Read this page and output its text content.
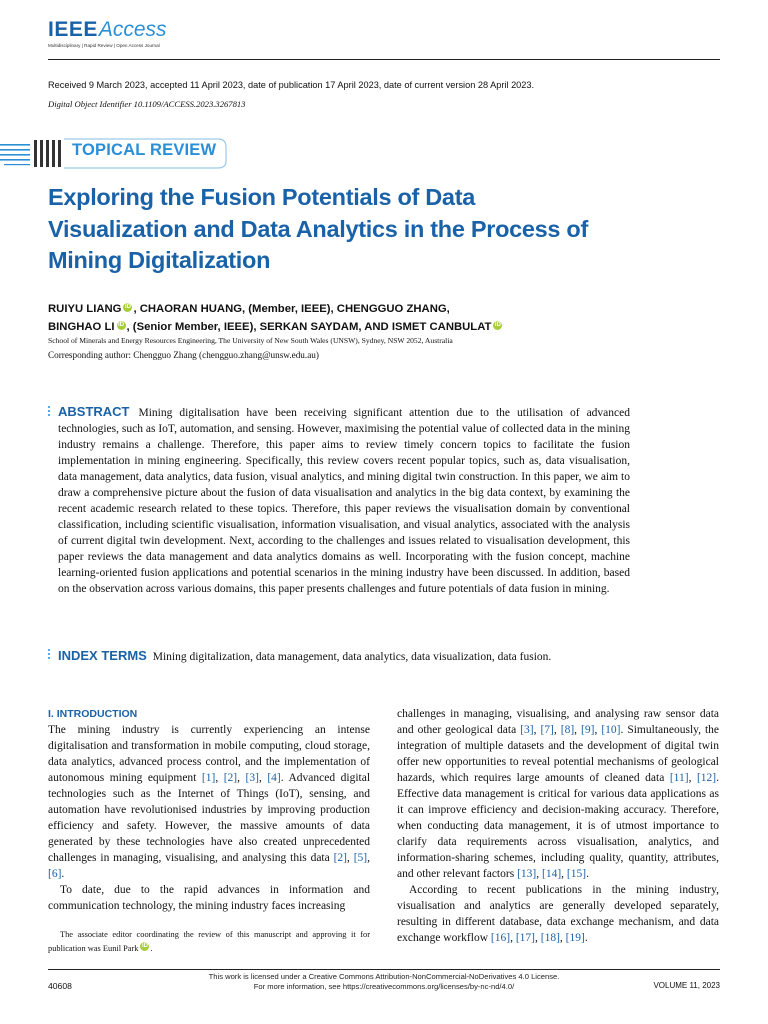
IEEEAccess
Multidisciplinary | Rapid Review | Open Access Journal
Received 9 March 2023, accepted 11 April 2023, date of publication 17 April 2023, date of current version 28 April 2023.
Digital Object Identifier 10.1109/ACCESS.2023.3267813
TOPICAL REVIEW
Exploring the Fusion Potentials of Data Visualization and Data Analytics in the Process of Mining Digitalization
RUIYU LIANG iD , CHAORAN HUANG, (Member, IEEE), CHENGGUO ZHANG,
BINGHAO LI iD , (Senior Member, IEEE), SERKAN SAYDAM, AND ISMET CANBULAT iD
School of Minerals and Energy Resources Engineering, The University of New South Wales (UNSW), Sydney, NSW 2052, Australia
Corresponding author: Chengguo Zhang (chengguo.zhang@unsw.edu.au)
ABSTRACT Mining digitalisation have been receiving significant attention due to the utilisation of advanced technologies, such as IoT, automation, and sensing. However, maximising the potential value of collected data in the mining industry remains a challenge. Therefore, this paper aims to review timely concern topics to facilitate the fusion implementation in mining engineering. Specifically, this review covers recent popular topics, such as, data visualisation, data management, data analytics, data fusion, visual analytics, and mining digital twin construction. In this paper, we aim to draw a comprehensive picture about the fusion of data visualisation and analytics in the big data context, by examining the recent academic research related to these topics. Therefore, this paper reviews the visualisation domain by conventional classification, including scientific visualisation, information visualisation, and visual analytics, associated with the analysis of current digital twin development. Next, according to the challenges and issues related to visualisation development, this paper reviews the data management and data analytics domains as well. Incorporating with the fusion concept, machine learning-oriented fusion applications and potential scenarios in the mining industry have been discussed. In addition, based on the observation across various domains, this paper presents challenges and future potentials of data fusion in mining.
INDEX TERMS Mining digitalization, data management, data analytics, data visualization, data fusion.
I. INTRODUCTION

The mining industry is currently experiencing an intense digitalisation and transformation in mobile computing, cloud storage, data analytics, advanced process control, and the implementation of autonomous mining equipment [1], [2], [3], [4]. Advanced digital technologies such as the Internet of Things (IoT), sensing, and automation have revolutionised industries by improving production efficiency and safety. However, the massive amounts of data generated by these technologies have also created unprecedented challenges in managing, visualising, and analysing this data [2], [5], [6].

To date, due to the rapid advances in information and communication technology, the mining industry faces increasing

The associate editor coordinating the review of this manuscript and approving it for publication was Eunil Park iD .

challenges in managing, visualising, and analysing raw sensor data and other geological data [3], [7], [8], [9], [10]. Simultaneously, the integration of multiple datasets and the development of digital twin offer new opportunities to reveal potential mechanisms of geological hazards, which requires large amounts of cleaned data [11], [12]. Effective data management is critical for various data applications as it can improve efficiency and decision-making accuracy. Therefore, when conducting data management, it is of utmost importance to clarify data requirements across visualisation, analytics, and information-sharing schemes, including quality, quantity, attributes, and other relevant factors [13], [14], [15].

According to recent publications in the mining industry, visualisation and analytics are generally developed separately, resulting in different database, data exchange mechanism, and data exchange workflow [16], [17], [18], [19].

This work is licensed under a Creative Commons Attribution-NonCommercial-NoDerivatives 4.0 License.
For more information, see https://creativecommons.org/licenses/by-nc-nd/4.0/
40608	VOLUME 11, 2023
